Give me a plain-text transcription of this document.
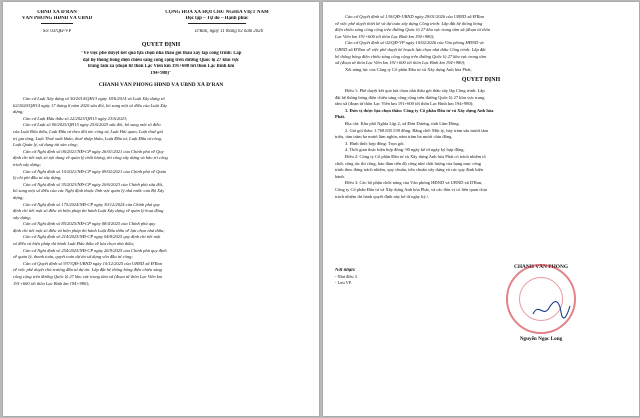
UBND XÃ Đ'RAN
VĂN PHÒNG HĐND VÀ UBND
Số: 03/QĐ-VP
CỘNG HÒA XÃ HỘI CHỦ NGHĨA VIỆT NAM
Độc lập – Tự do – Hạnh phúc
D'Ran, ngày 11 tháng 02 năm 2026
QUYẾT ĐỊNH
"Về việc phê duyệt kết quả lựa chọn nhà thầu gói thầu xây lắp công trình: Lắp
đặt hệ thống bóng điện chiếu sáng công cộng trên đường Quốc lộ 27 khu vực
trung tâm xã (đoạn từ thôn Lạc Viên km 191+600 tới thôn Lạc Bình km
194+980)"
CHÁNH VĂN PHÒNG HĐND VÀ UBND XÃ Đ'RAN
Căn cứ Luật Xây dựng số 50/2014/QH13 ngày 18/6/2014 và Luật Xây dựng số
62/2020/QH14 ngày 17 tháng 6 năm 2020 sửa đổi, bổ sung một số điều của Luật Xây
dựng;
Căn cứ Luật Đấu thầu số 22/2023/QH15 ngày 23/6/2023;
Căn cứ Luật số 90/2025/QH15 ngày 25/6/2025 sửa đổi, bổ sung một số điều
của Luật Đấu thầu, Luật Đầu tư theo đối tác công tư, Luật Hải quan, Luật thuế giá
trị gia tăng, Luật Thuế xuất khẩu, thuế nhập khẩu, Luật Đầu tư, Luật Đầu tư công,
Luật Quản lý, sử dụng tài sản công;
Căn cứ Nghị định số 06/2021/NĐ-CP ngày 26/01/2021 của Chính phủ về Quy
định chi tiết một số nội dung về quản lý chất lượng, thi công xây dựng và bảo trì công
trình xây dựng;
Căn cứ Nghị định số 10/2021/NĐ-CP ngày 09/02/2021 của Chính phủ về Quản
lý chi phí đầu tư xây dựng;
Căn cứ Nghị định số 35/2023/NĐ-CP ngày 20/6/2023 của Chính phủ sửa đổi,
bổ sung một số điều của các Nghị định thuộc lĩnh vực quản lý nhà nước của Bộ Xây
dựng;
Căn cứ Nghị định số 175/2024/NĐ-CP ngày 30/12/2024 của Chính phủ quy
định chi tiết một số điều và biện pháp thi hành Luật Xây dựng về quản lý hoạt động
xây dựng;
Căn cứ Nghị định số 85/2025/NĐ-CP ngày 08/4/2025 của Chính phủ quy
định chi tiết một số điều và biện pháp thi hành Luật Đấu thầu về lựa chọn nhà thầu;
Căn cứ Nghị định số 214/2025/NĐ-CP ngày 04/8/2025 quy định chi tiết một
số điều và biện pháp thi hành Luật Đấu thầu về lựa chọn nhà thầu;
Căn cứ Nghị định số 254/2025/NĐ-CP ngày 26/9/2025 của Chính phủ quy định
về quản lý, thanh toán, quyết toán dự án sử dụng vốn đầu tư công;
Căn cứ Quyết định số 937/QĐ-UBND ngày 10/12/2025 của UBND xã Đ'Ran
về việc phê duyệt chủ trương đầu tư dự án: Lắp đặt hệ thống bóng điện chiếu sáng
công cộng trên đường Quốc lộ 27 khu vực trung tâm xã (đoạn từ thôn Lạc Viên km
191+600 tới thôn Lạc Bình km 194+980);
Căn cứ Quyết định số 130/QĐ-UBND ngày 29/01/2026 của UBND xã Đ'Ran
về việc phê duyệt thiết kế và dự toán xây dựng Công trình: Lắp đặt hệ thống bóng
điện chiếu sáng công cộng trên đường Quốc lộ 27 khu vực trung tâm xã (đoạn từ thôn
Lạc Viên km 191+600 tới thôn Lạc Bình km 194+980);
Căn cứ Quyết định số 02/QĐ-VP ngày 10/02/2026 của Văn phòng HĐND và
UBND xã Đ'Ran về việc phê duyệt kế hoạch lựa chọn nhà thầu Công trình: Lắp đặt
hệ thống bóng điện chiếu sáng công cộng trên đường Quốc lộ 27 khu vực trung tâm
xã (đoạn từ thôn Lạc Viên km 191+600 tới thôn Lạc Bình km 194+980);
Xét năng lực của Công ty Cổ phần Đầu tư và Xây dựng Anh hòa Phát;
QUYẾT ĐỊNH
Điều 1: Phê duyệt kết quả lựa chọn nhà thầu gói thầu xây lắp Công trình: Lắp
đặt hệ thống bóng điện chiếu sáng công cộng trên đường Quốc lộ 27 khu vực trung
tâm xã (đoạn từ thôn Lạc Viên km 191+600 tới thôn Lạc Bình km 194+980);
1. Đơn vị được lựa chọn thầu: Công ty Cổ phần Đầu tư và Xây dựng Anh hòa
Phát.
Địa chỉ: Khu phố Nghĩa Lập 2, xã Đơn Dương, tỉnh Lâm Đồng.
2. Giá gói thầu: 1.768.835.539 đồng. Bằng chữ: Một tỷ, bảy trăm sáu mươi tám
triệu, tám trăm ba mươi lăm nghìn, năm trăm ba mươi chín đồng.
3. Hình thức hợp đồng: Trọn gói.
4. Thời gian thực hiện hợp đồng: 90 ngày kể từ ngày ký hợp đồng.
Điều 2: Công ty Cổ phần Đầu tư và Xây dựng Anh hòa Phát có trách nhiệm tổ
chức công tác thi công, bảo đảm tiến độ công như chất lượng của hạng mục công
trình theo đúng trách nhiệm, quy chuẩn, tiêu chuẩn xây dựng và các quy định hiện
hành.
Điều 3: Các bộ phận chức năng của Văn phòng HĐND và UBND xã D'Ran,
Công ty Cổ phần Đầu tư và Xây dựng Anh hòa Phát, và các đơn vị có liên quan chịu
trách nhiệm thi hành quyết định này kể từ ngày ký./.
Nơi nhận:
- Như điều 3.
- Lưu VP.
CHÁNH VĂN PHÒNG
Nguyễn Ngọc Long
